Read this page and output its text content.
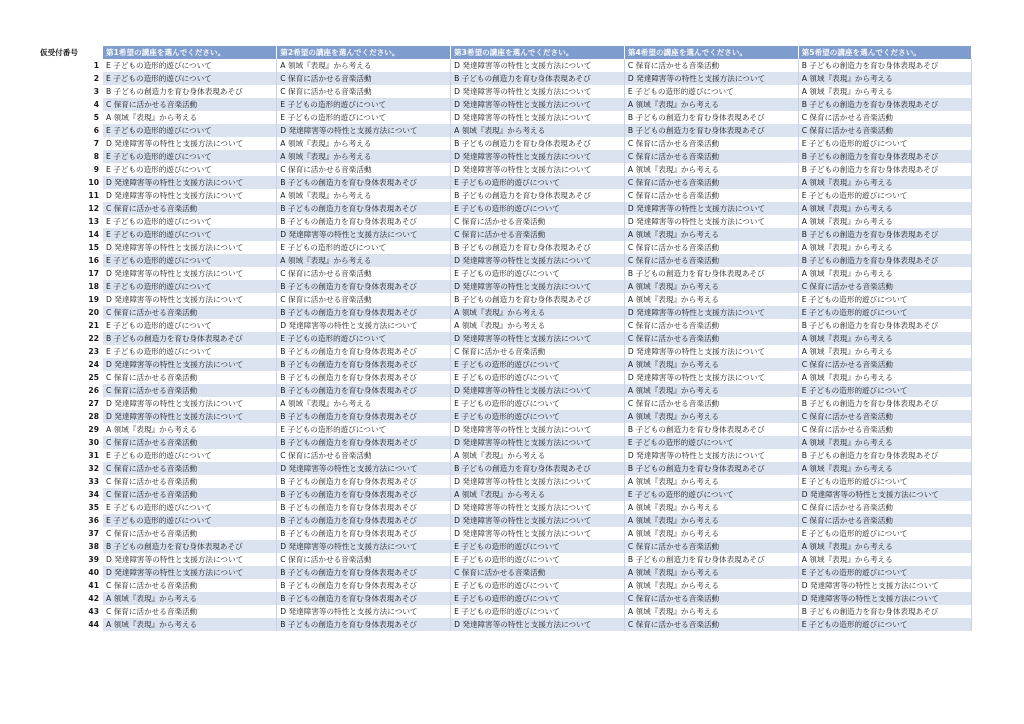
仮受付番号	第1希望の講座を選んでください。	第2希望の講座を選んでください。	第3希望の講座を選んでください。	第4希望の講座を選んでください。	第5希望の講座を選んでください。
1	E 子どもの造形的遊びについて	A 領域『表現』から考える	D 発達障害等の特性と支援方法について	C 保育に活かせる音楽活動	B 子どもの創造力を育む身体表現あそび
2	E 子どもの造形的遊びについて	C 保育に活かせる音楽活動	B 子どもの創造力を育む身体表現あそび	D 発達障害等の特性と支援方法について	A 領域『表現』から考える
3	B 子どもの創造力を育む身体表現あそび	C 保育に活かせる音楽活動	D 発達障害等の特性と支援方法について	E 子どもの造形的遊びについて	A 領域『表現』から考える
4	C 保育に活かせる音楽活動	E 子どもの造形的遊びについて	D 発達障害等の特性と支援方法について	A 領域『表現』から考える	B 子どもの創造力を育む身体表現あそび
5	A 領域『表現』から考える	E 子どもの造形的遊びについて	D 発達障害等の特性と支援方法について	B 子どもの創造力を育む身体表現あそび	C 保育に活かせる音楽活動
6	E 子どもの造形的遊びについて	D 発達障害等の特性と支援方法について	A 領域『表現』から考える	B 子どもの創造力を育む身体表現あそび	C 保育に活かせる音楽活動
7	D 発達障害等の特性と支援方法について	A 領域『表現』から考える	B 子どもの創造力を育む身体表現あそび	C 保育に活かせる音楽活動	E 子どもの造形的遊びについて
8	E 子どもの造形的遊びについて	A 領域『表現』から考える	D 発達障害等の特性と支援方法について	C 保育に活かせる音楽活動	B 子どもの創造力を育む身体表現あそび
9	E 子どもの造形的遊びについて	C 保育に活かせる音楽活動	D 発達障害等の特性と支援方法について	A 領域『表現』から考える	B 子どもの創造力を育む身体表現あそび
10	D 発達障害等の特性と支援方法について	B 子どもの創造力を育む身体表現あそび	E 子どもの造形的遊びについて	C 保育に活かせる音楽活動	A 領域『表現』から考える
11	D 発達障害等の特性と支援方法について	A 領域『表現』から考える	B 子どもの創造力を育む身体表現あそび	C 保育に活かせる音楽活動	E 子どもの造形的遊びについて
12	C 保育に活かせる音楽活動	B 子どもの創造力を育む身体表現あそび	E 子どもの造形的遊びについて	D 発達障害等の特性と支援方法について	A 領域『表現』から考える
13	E 子どもの造形的遊びについて	B 子どもの創造力を育む身体表現あそび	C 保育に活かせる音楽活動	D 発達障害等の特性と支援方法について	A 領域『表現』から考える
14	E 子どもの造形的遊びについて	D 発達障害等の特性と支援方法について	C 保育に活かせる音楽活動	A 領域『表現』から考える	B 子どもの創造力を育む身体表現あそび
15	D 発達障害等の特性と支援方法について	E 子どもの造形的遊びについて	B 子どもの創造力を育む身体表現あそび	C 保育に活かせる音楽活動	A 領域『表現』から考える
16	E 子どもの造形的遊びについて	A 領域『表現』から考える	D 発達障害等の特性と支援方法について	C 保育に活かせる音楽活動	B 子どもの創造力を育む身体表現あそび
17	D 発達障害等の特性と支援方法について	C 保育に活かせる音楽活動	E 子どもの造形的遊びについて	B 子どもの創造力を育む身体表現あそび	A 領域『表現』から考える
18	E 子どもの造形的遊びについて	B 子どもの創造力を育む身体表現あそび	D 発達障害等の特性と支援方法について	A 領域『表現』から考える	C 保育に活かせる音楽活動
19	D 発達障害等の特性と支援方法について	C 保育に活かせる音楽活動	B 子どもの創造力を育む身体表現あそび	A 領域『表現』から考える	E 子どもの造形的遊びについて
20	C 保育に活かせる音楽活動	B 子どもの創造力を育む身体表現あそび	A 領域『表現』から考える	D 発達障害等の特性と支援方法について	E 子どもの造形的遊びについて
21	E 子どもの造形的遊びについて	D 発達障害等の特性と支援方法について	A 領域『表現』から考える	C 保育に活かせる音楽活動	B 子どもの創造力を育む身体表現あそび
22	B 子どもの創造力を育む身体表現あそび	E 子どもの造形的遊びについて	D 発達障害等の特性と支援方法について	C 保育に活かせる音楽活動	A 領域『表現』から考える
23	E 子どもの造形的遊びについて	B 子どもの創造力を育む身体表現あそび	C 保育に活かせる音楽活動	D 発達障害等の特性と支援方法について	A 領域『表現』から考える
24	D 発達障害等の特性と支援方法について	B 子どもの創造力を育む身体表現あそび	E 子どもの造形的遊びについて	A 領域『表現』から考える	C 保育に活かせる音楽活動
25	C 保育に活かせる音楽活動	B 子どもの創造力を育む身体表現あそび	E 子どもの造形的遊びについて	D 発達障害等の特性と支援方法について	A 領域『表現』から考える
26	C 保育に活かせる音楽活動	B 子どもの創造力を育む身体表現あそび	D 発達障害等の特性と支援方法について	A 領域『表現』から考える	E 子どもの造形的遊びについて
27	D 発達障害等の特性と支援方法について	A 領域『表現』から考える	E 子どもの造形的遊びについて	C 保育に活かせる音楽活動	B 子どもの創造力を育む身体表現あそび
28	D 発達障害等の特性と支援方法について	B 子どもの創造力を育む身体表現あそび	E 子どもの造形的遊びについて	A 領域『表現』から考える	C 保育に活かせる音楽活動
29	A 領域『表現』から考える	E 子どもの造形的遊びについて	D 発達障害等の特性と支援方法について	B 子どもの創造力を育む身体表現あそび	C 保育に活かせる音楽活動
30	C 保育に活かせる音楽活動	B 子どもの創造力を育む身体表現あそび	D 発達障害等の特性と支援方法について	E 子どもの造形的遊びについて	A 領域『表現』から考える
31	E 子どもの造形的遊びについて	C 保育に活かせる音楽活動	A 領域『表現』から考える	D 発達障害等の特性と支援方法について	B 子どもの創造力を育む身体表現あそび
32	C 保育に活かせる音楽活動	D 発達障害等の特性と支援方法について	B 子どもの創造力を育む身体表現あそび	B 子どもの創造力を育む身体表現あそび	A 領域『表現』から考える
33	C 保育に活かせる音楽活動	B 子どもの創造力を育む身体表現あそび	D 発達障害等の特性と支援方法について	A 領域『表現』から考える	E 子どもの造形的遊びについて
34	C 保育に活かせる音楽活動	B 子どもの創造力を育む身体表現あそび	A 領域『表現』から考える	E 子どもの造形的遊びについて	D 発達障害等の特性と支援方法について
35	E 子どもの造形的遊びについて	B 子どもの創造力を育む身体表現あそび	D 発達障害等の特性と支援方法について	A 領域『表現』から考える	C 保育に活かせる音楽活動
36	E 子どもの造形的遊びについて	B 子どもの創造力を育む身体表現あそび	D 発達障害等の特性と支援方法について	A 領域『表現』から考える	C 保育に活かせる音楽活動
37	C 保育に活かせる音楽活動	B 子どもの創造力を育む身体表現あそび	D 発達障害等の特性と支援方法について	A 領域『表現』から考える	E 子どもの造形的遊びについて
38	B 子どもの創造力を育む身体表現あそび	D 発達障害等の特性と支援方法について	E 子どもの造形的遊びについて	C 保育に活かせる音楽活動	A 領域『表現』から考える
39	D 発達障害等の特性と支援方法について	C 保育に活かせる音楽活動	E 子どもの造形的遊びについて	B 子どもの創造力を育む身体表現あそび	A 領域『表現』から考える
40	D 発達障害等の特性と支援方法について	B 子どもの創造力を育む身体表現あそび	C 保育に活かせる音楽活動	A 領域『表現』から考える	E 子どもの造形的遊びについて
41	C 保育に活かせる音楽活動	B 子どもの創造力を育む身体表現あそび	E 子どもの造形的遊びについて	A 領域『表現』から考える	D 発達障害等の特性と支援方法について
42	A 領域『表現』から考える	B 子どもの創造力を育む身体表現あそび	E 子どもの造形的遊びについて	C 保育に活かせる音楽活動	D 発達障害等の特性と支援方法について
43	C 保育に活かせる音楽活動	D 発達障害等の特性と支援方法について	E 子どもの造形的遊びについて	A 領域『表現』から考える	B 子どもの創造力を育む身体表現あそび
44	A 領域『表現』から考える	B 子どもの創造力を育む身体表現あそび	D 発達障害等の特性と支援方法について	C 保育に活かせる音楽活動	E 子どもの造形的遊びについて
